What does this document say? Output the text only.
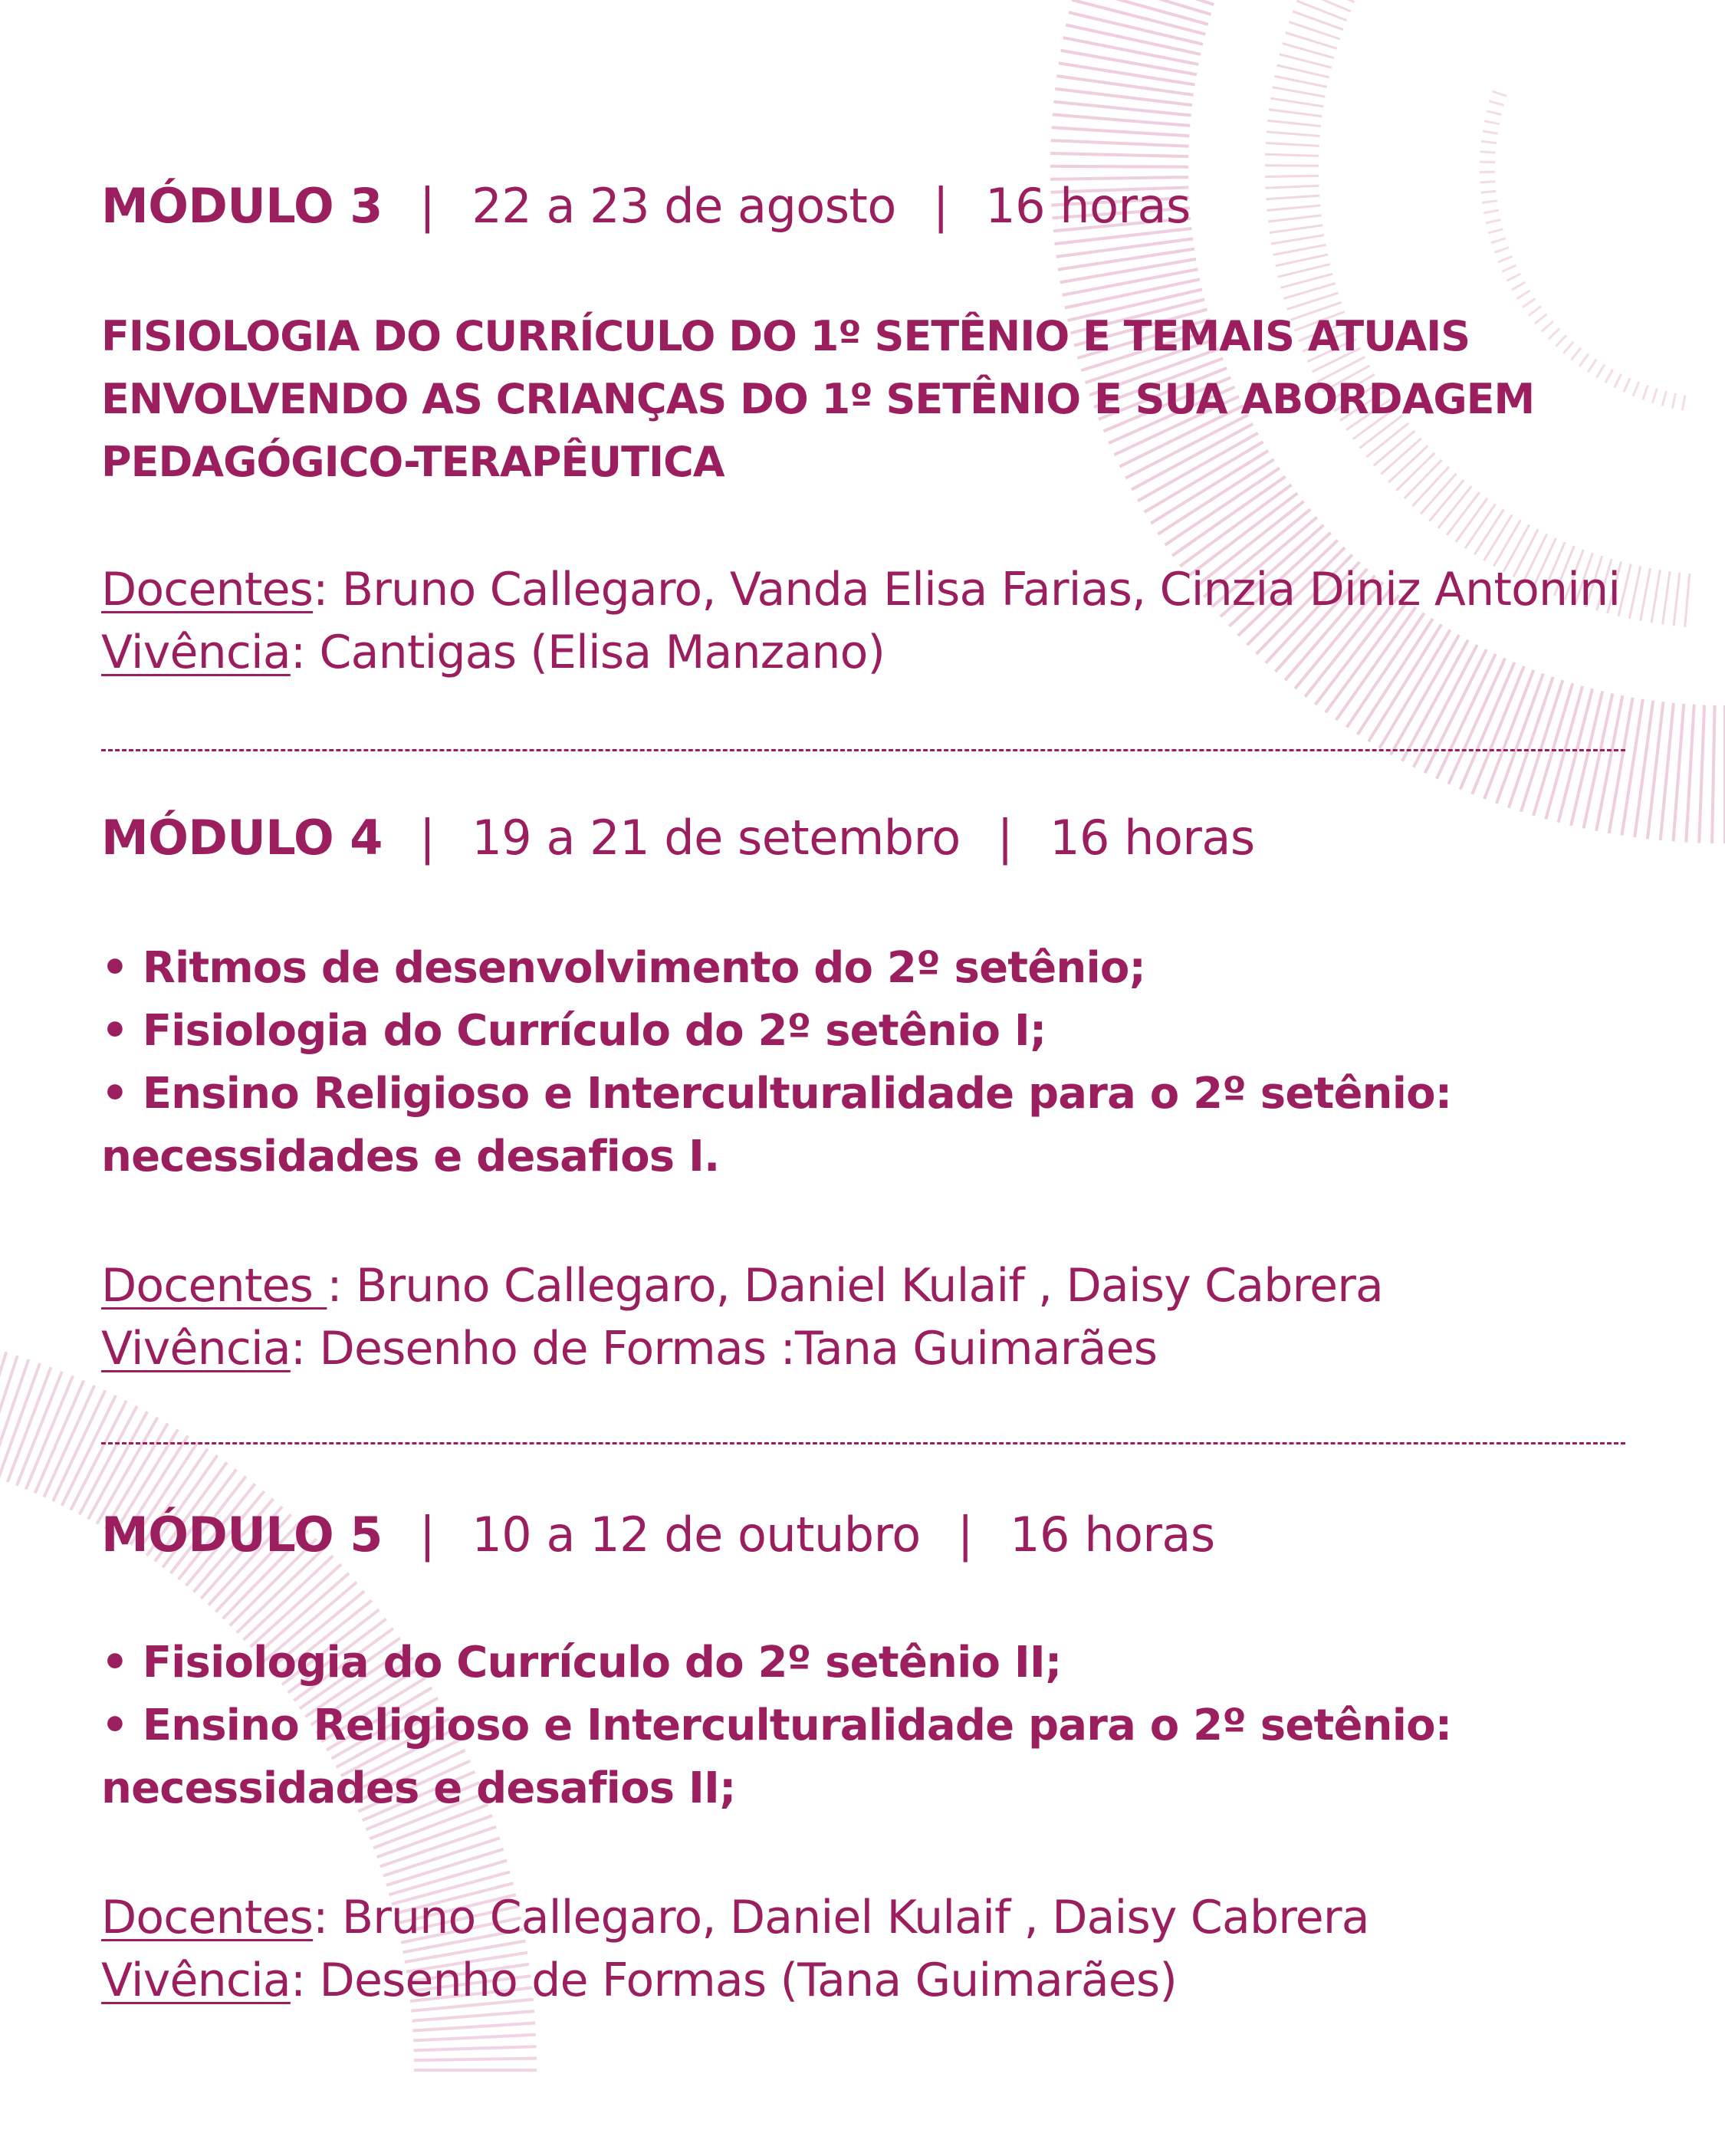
MÓDULO 3 | 22 a 23 de agosto | 16 horas
FISIOLOGIA DO CURRÍCULO DO 1º SETÊNIO E TEMAIS ATUAIS
ENVOLVENDO AS CRIANÇAS DO 1º SETÊNIO E SUA ABORDAGEM
PEDAGÓGICO-TERAPÊUTICA
Docentes: Bruno Callegaro, Vanda Elisa Farias, Cinzia Diniz Antonini
Vivência: Cantigas (Elisa Manzano)
MÓDULO 4 | 19 a 21 de setembro | 16 horas
• Ritmos de desenvolvimento do 2º setênio;
• Fisiologia do Currículo do 2º setênio I;
• Ensino Religioso e Interculturalidade para o 2º setênio:
necessidades e desafios I.
Docentes : Bruno Callegaro, Daniel Kulaif , Daisy Cabrera
Vivência: Desenho de Formas :Tana Guimarães
MÓDULO 5 | 10 a 12 de outubro | 16 horas
• Fisiologia do Currículo do 2º setênio II;
• Ensino Religioso e Interculturalidade para o 2º setênio:
necessidades e desafios II;
Docentes: Bruno Callegaro, Daniel Kulaif , Daisy Cabrera
Vivência: Desenho de Formas (Tana Guimarães)
